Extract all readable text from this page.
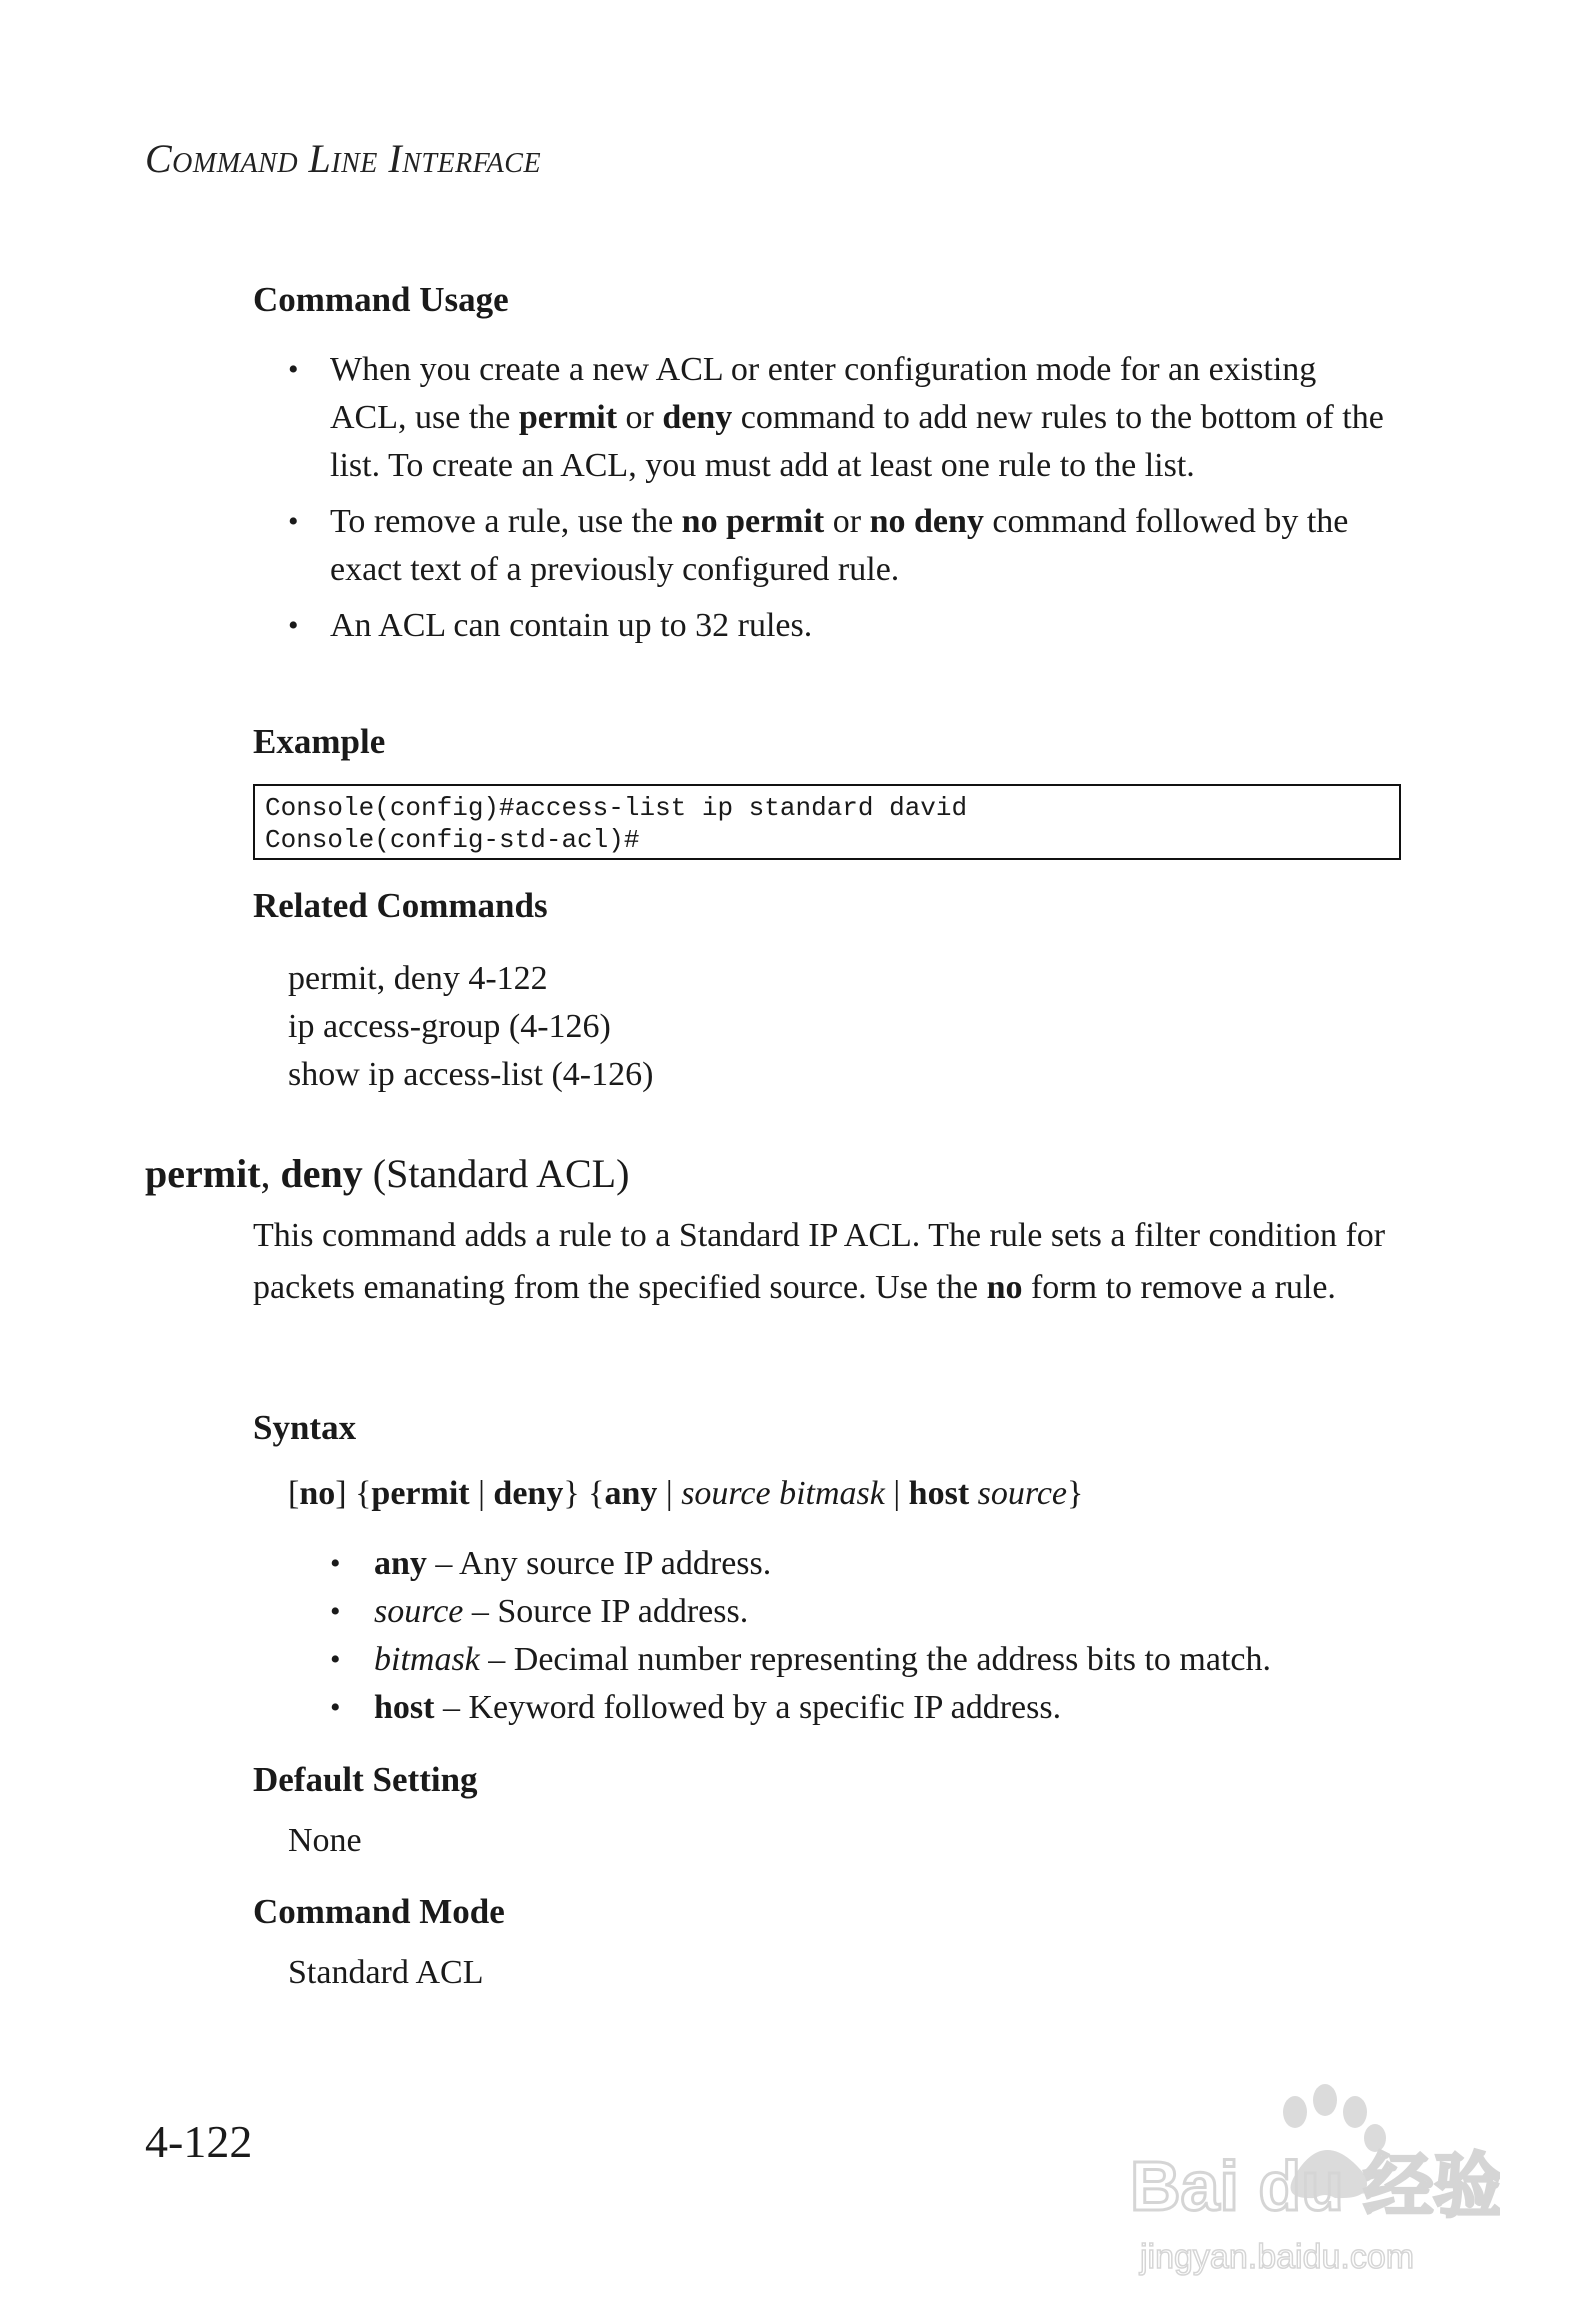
Command Line Interface
Command Usage
• When you create a new ACL or enter configuration mode for an existing ACL, use the permit or deny command to add new rules to the bottom of the list. To create an ACL, you must add at least one rule to the list.
• To remove a rule, use the no permit or no deny command followed by the exact text of a previously configured rule.
• An ACL can contain up to 32 rules.
Example
Console(config)#access-list ip standard david
Console(config-std-acl)#
Related Commands
permit, deny 4-122
ip access-group (4-126)
show ip access-list (4-126)
permit, deny (Standard ACL)
This command adds a rule to a Standard IP ACL. The rule sets a filter condition for packets emanating from the specified source. Use the no form to remove a rule.
Syntax
[no] {permit | deny} {any | source bitmask | host source}
• any – Any source IP address.
• source – Source IP address.
• bitmask – Decimal number representing the address bits to match.
• host – Keyword followed by a specific IP address.
Default Setting
None
Command Mode
Standard ACL
4-122
Bai du 经验
jingyan.baidu.com
